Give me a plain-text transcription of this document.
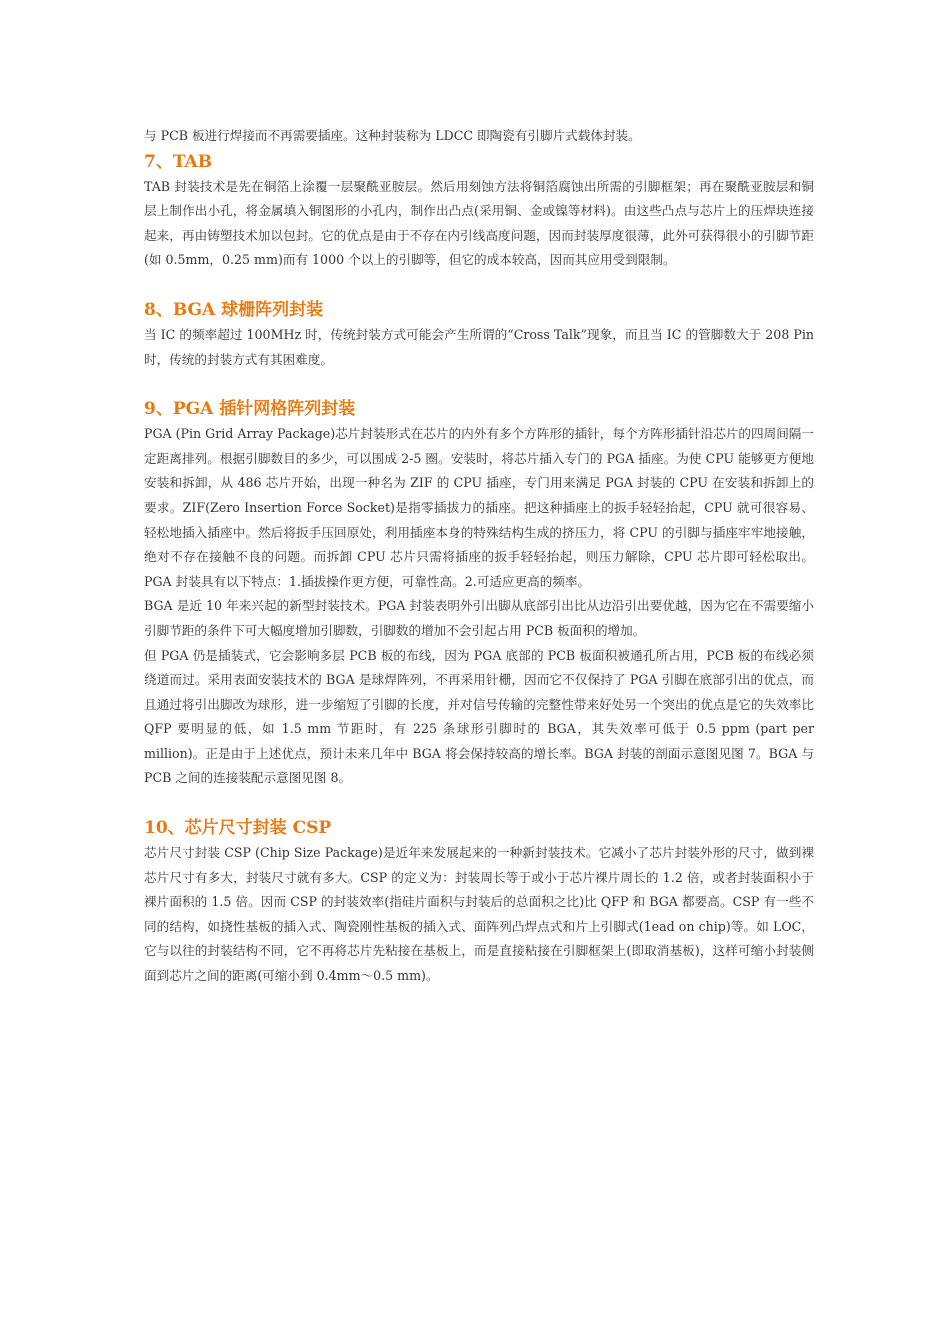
与 PCB 板进行焊接而不再需要插座。这种封装称为 LDCC 即陶瓷有引脚片式载体封装。

7、TAB

TAB 封装技术是先在铜箔上涂覆一层聚酰亚胺层。然后用刻蚀方法将铜箔腐蚀出所需的引脚框架；再在聚酰亚胺层和铜层上制作出小孔，将金属填入铜图形的小孔内，制作出凸点(采用铜、金或镍等材料)。由这些凸点与芯片上的压焊块连接起来，再由铸塑技术加以包封。它的优点是由于不存在内引线高度问题，因而封装厚度很薄，此外可获得很小的引脚节距(如 0.5mm，0.25 mm)而有 1000 个以上的引脚等，但它的成本较高，因而其应用受到限制。

8、BGA 球栅阵列封装

当 IC 的频率超过 100MHz 时，传统封装方式可能会产生所谓的“Cross Talk”现象，而且当 IC 的管脚数大于 208 Pin 时，传统的封装方式有其困难度。

9、PGA 插针网格阵列封装

PGA (Pin Grid Array Package)芯片封装形式在芯片的内外有多个方阵形的插针，每个方阵形插针沿芯片的四周间隔一定距离排列。根据引脚数目的多少，可以围成 2-5 圈。安装时，将芯片插入专门的 PGA 插座。为使 CPU 能够更方便地安装和拆卸，从 486 芯片开始，出现一种名为 ZIF 的 CPU 插座，专门用来满足 PGA 封装的 CPU 在安装和拆卸上的要求。ZIF(Zero Insertion Force Socket)是指零插拔力的插座。把这种插座上的扳手轻轻抬起，CPU 就可很容易、轻松地插入插座中。然后将扳手压回原处，利用插座本身的特殊结构生成的挤压力，将 CPU 的引脚与插座牢牢地接触，绝对不存在接触不良的问题。而拆卸 CPU 芯片只需将插座的扳手轻轻抬起，则压力解除，CPU 芯片即可轻松取出。PGA 封装具有以下特点：1.插拔操作更方便，可靠性高。2.可适应更高的频率。

BGA 是近 10 年来兴起的新型封装技术。PGA 封装表明外引出脚从底部引出比从边沿引出要优越，因为它在不需要缩小引脚节距的条件下可大幅度增加引脚数，引脚数的增加不会引起占用 PCB 板面积的增加。

但 PGA 仍是插装式，它会影响多层 PCB 板的布线，因为 PGA 底部的 PCB 板面积被通孔所占用，PCB 板的布线必须绕道而过。采用表面安装技术的 BGA 是球焊阵列，不再采用针栅，因而它不仅保持了 PGA 引脚在底部引出的优点，而且通过将引出脚改为球形，进一步缩短了引脚的长度，并对信号传输的完整性带来好处另一个突出的优点是它的失效率比 QFP 要明显的低，如 1.5 mm 节距时，有 225 条球形引脚时的 BGA，其失效率可低于 0.5 ppm (part per million)。正是由于上述优点，预计未来几年中 BGA 将会保持较高的增长率。BGA 封装的剖面示意图见图 7。BGA 与 PCB 之间的连接装配示意图见图 8。

10、芯片尺寸封装 CSP

芯片尺寸封装 CSP (Chip Size Package)是近年来发展起来的一种新封装技术。它减小了芯片封装外形的尺寸，做到裸芯片尺寸有多大，封装尺寸就有多大。CSP 的定义为：封装周长等于或小于芯片裸片周长的 1.2 倍，或者封装面积小于裸片面积的 1.5 倍。因而 CSP 的封装效率(指硅片面积与封装后的总面积之比)比 QFP 和 BGA 都要高。CSP 有一些不同的结构，如挠性基板的插入式、陶瓷刚性基板的插入式、面阵列凸焊点式和片上引脚式(1ead on chip)等。如 LOC，它与以往的封装结构不同，它不再将芯片先粘接在基板上，而是直接粘接在引脚框架上(即取消基板)，这样可缩小封装侧面到芯片之间的距离(可缩小到 0.4mm～0.5 mm)。
